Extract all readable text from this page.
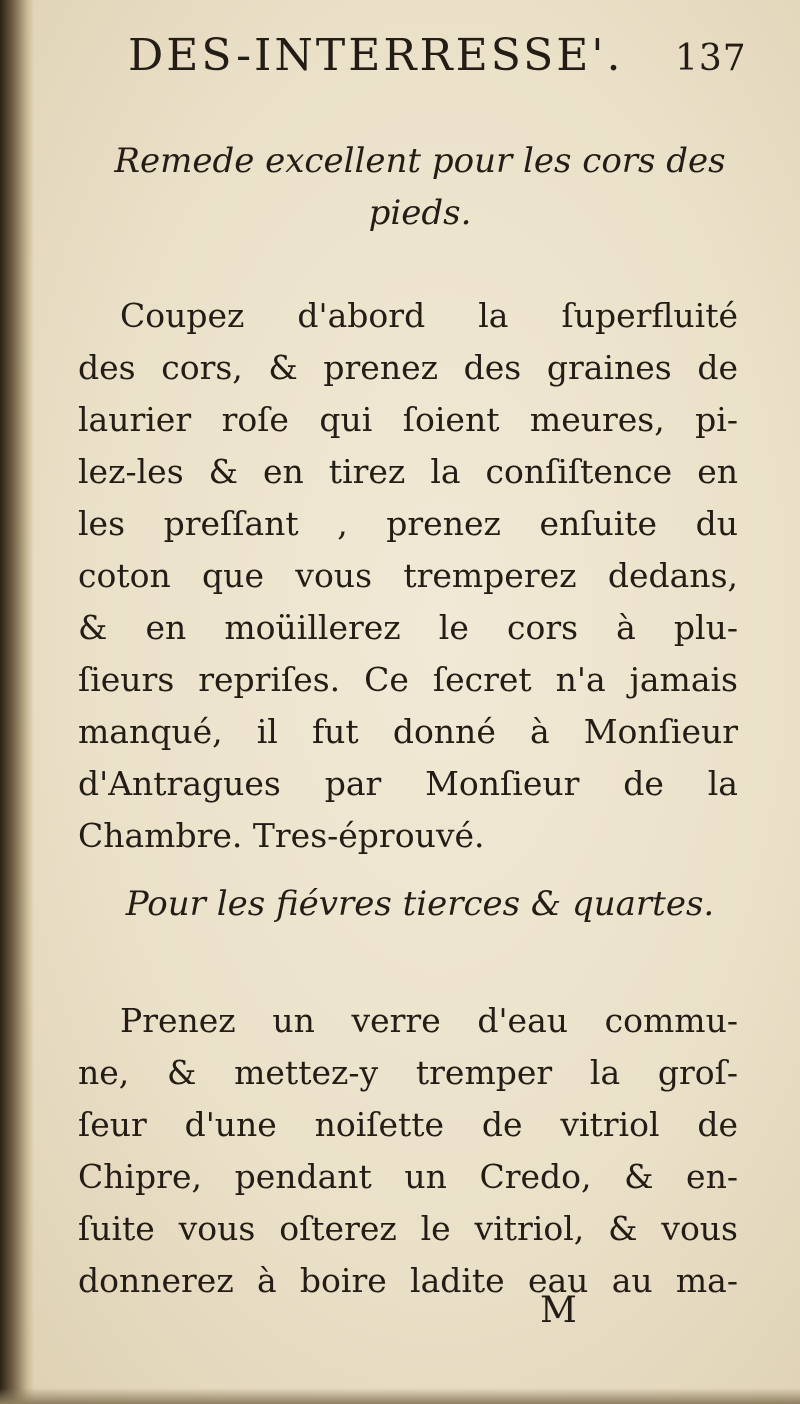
DES-INTERRESSE'. 137
Remede excellent pour les cors des
pieds.
Coupez d'abord la ſuperfluité
des cors, & prenez des graines de
laurier roſe qui ſoient meures, pi-
lez-les & en tirez la conſiſtence en
les preſſant , prenez enſuite du
coton que vous tremperez dedans,
& en moüillerez le cors à plu-
ſieurs repriſes. Ce ſecret n'a jamais
manqué, il fut donné à Monſieur
d'Antragues par Monſieur de la
Chambre. Tres-éprouvé.
Pour les fiévres tierces & quartes.
Prenez un verre d'eau commu-
ne, & mettez-y tremper la groſ-
ſeur d'une noiſette de vitriol de
Chipre, pendant un Credo, & en-
ſuite vous oſterez le vitriol, & vous
donnerez à boire ladite eau au ma-
M
